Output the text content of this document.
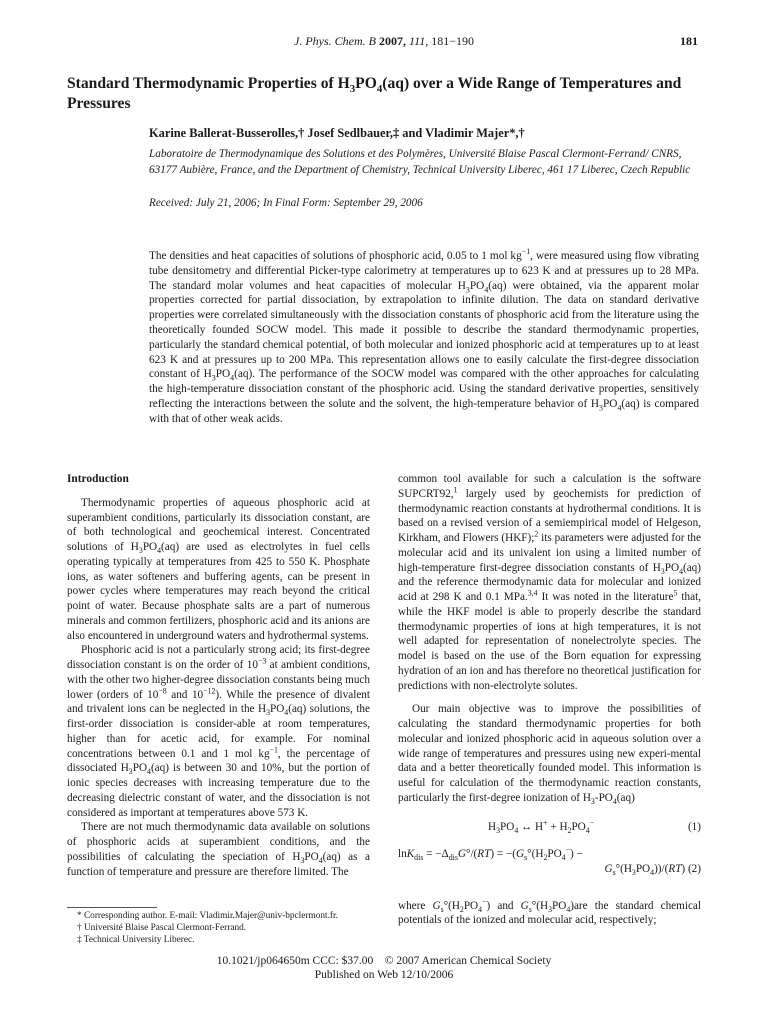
J. Phys. Chem. B 2007, 111, 181−190	181
Standard Thermodynamic Properties of $H_3PO_4(aq)$ over a Wide Range of Temperatures and Pressures
Karine Ballerat-Busserolles,† Josef Sedlbauer,‡ and Vladimir Majer*,†
Laboratoire de Thermodynamique des Solutions et des Polymères, Université Blaise Pascal Clermont-Ferrand/ CNRS, 63177 Aubière, France, and the Department of Chemistry, Technical University Liberec, 461 17 Liberec, Czech Republic
Received: July 21, 2006; In Final Form: September 29, 2006
The densities and heat capacities of solutions of phosphoric acid, 0.05 to 1 mol $kg^{-1}$, were measured using flow vibrating tube densitometry and differential Picker-type calorimetry at temperatures up to 623 K and at pressures up to 28 MPa. The standard molar volumes and heat capacities of molecular $H_3PO_4(aq)$ were obtained, via the apparent molar properties corrected for partial dissociation, by extrapolation to infinite dilution. The data on standard derivative properties were correlated simultaneously with the dissociation constants of phosphoric acid from the literature using the theoretically founded SOCW model. This made it possible to describe the standard thermodynamic properties, particularly the standard chemical potential, of both molecular and ionized phosphoric acid at temperatures up to at least 623 K and at pressures up to 200 MPa. This representation allows one to easily calculate the first-degree dissociation constant of $H_3PO_4(aq)$. The performance of the SOCW model was compared with the other approaches for calculating the high-temperature dissociation constant of the phosphoric acid. Using the standard derivative properties, sensitively reflecting the interactions between the solute and the solvent, the high-temperature behavior of $H_3PO_4(aq)$ is compared with that of other weak acids.
Introduction

Thermodynamic properties of aqueous phosphoric acid at superambient conditions, particularly its dissociation constant, are of both technological and geochemical interest. Concentrated solutions of $H_3PO_4(aq)$ are used as electrolytes in fuel cells operating typically at temperatures from 425 to 550 K. Phosphate ions, as water softeners and buffering agents, can be present in power cycles where temperatures may reach beyond the critical point of water. Because phosphate salts are a part of numerous minerals and common fertilizers, phosphoric acid and its anions are also encountered in underground waters and hydrothermal systems.

Phosphoric acid is not a particularly strong acid; its first-degree dissociation constant is on the order of $10^{-3}$ at ambient conditions, with the other two higher-degree dissociation constants being much lower (orders of $10^{-8}$ and $10^{-12}$). While the presence of divalent and trivalent ions can be neglected in the $H_3PO_4(aq)$ solutions, the first-order dissociation is consider-able at room temperatures, higher than for acetic acid, for example. For nominal concentrations between 0.1 and 1 mol $kg^{-1}$, the percentage of dissociated $H_3PO_4(aq)$ is between 30 and 10%, but the portion of ionic species decreases with increasing temperature due to the decreasing dielectric constant of water, and the dissociation is not considered as important at temperatures above 573 K.

There are not much thermodynamic data available on solutions of phosphoric acids at superambient conditions, and the possibilities of calculating the speciation of $H_3PO_4(aq)$ as a function of temperature and pressure are therefore limited. The

common tool available for such a calculation is the software SUPCRT92,$^1$ largely used by geochemists for prediction of thermodynamic reaction constants at hydrothermal conditions. It is based on a revised version of a semiempirical model of Helgeson, Kirkham, and Flowers (HKF);$^2$ its parameters were adjusted for the molecular acid and its univalent ion using a limited number of high-temperature first-degree dissociation constants of $H_3PO_4(aq)$ and the reference thermodynamic data for molecular and ionized acid at 298 K and 0.1 MPa.$^{3,4}$ It was noted in the literature$^5$ that, while the HKF model is able to properly describe the standard thermodynamic properties of ions at high temperatures, it is not well adapted for representation of nonelectrolyte species. The model is based on the use of the Born equation for expressing hydration of an ion and has therefore no theoretical justification for predictions with non-electrolyte solutes.

Our main objective was to improve the possibilities of calculating the standard thermodynamic properties for both molecular and ionized phosphoric acid in aqueous solution over a wide range of temperatures and pressures using new experi-mental data and a better theoretically founded model. This information is useful for calculation of the thermodynamic reaction constants, particularly the first-degree ionization of $H_3-PO_4(aq)$

$H_3PO_4$ ↔ $H^+ + H_2PO_4^-$	(1)
$\ln K_{dis} = -\Delta_{dis}G^\circ/(RT) = -(G_s^\circ(H_2PO_4^-)$ −
$G_s^\circ(H_3PO_4))/(RT)$ (2)

where $G_s^\circ(H_2PO_4^-)$ and $G_s^\circ(H_3PO_4)are$ the standard chemical potentials of the ionized and molecular acid, respectively;

* Corresponding author. E-mail: Vladimir.Majer@univ-bpclermont.fr.
† Université Blaise Pascal Clermont-Ferrand.
‡ Technical University Liberec.
10.1021/jp064650m CCC: $37.00 © 2007 American Chemical Society
Published on Web 12/10/2006
